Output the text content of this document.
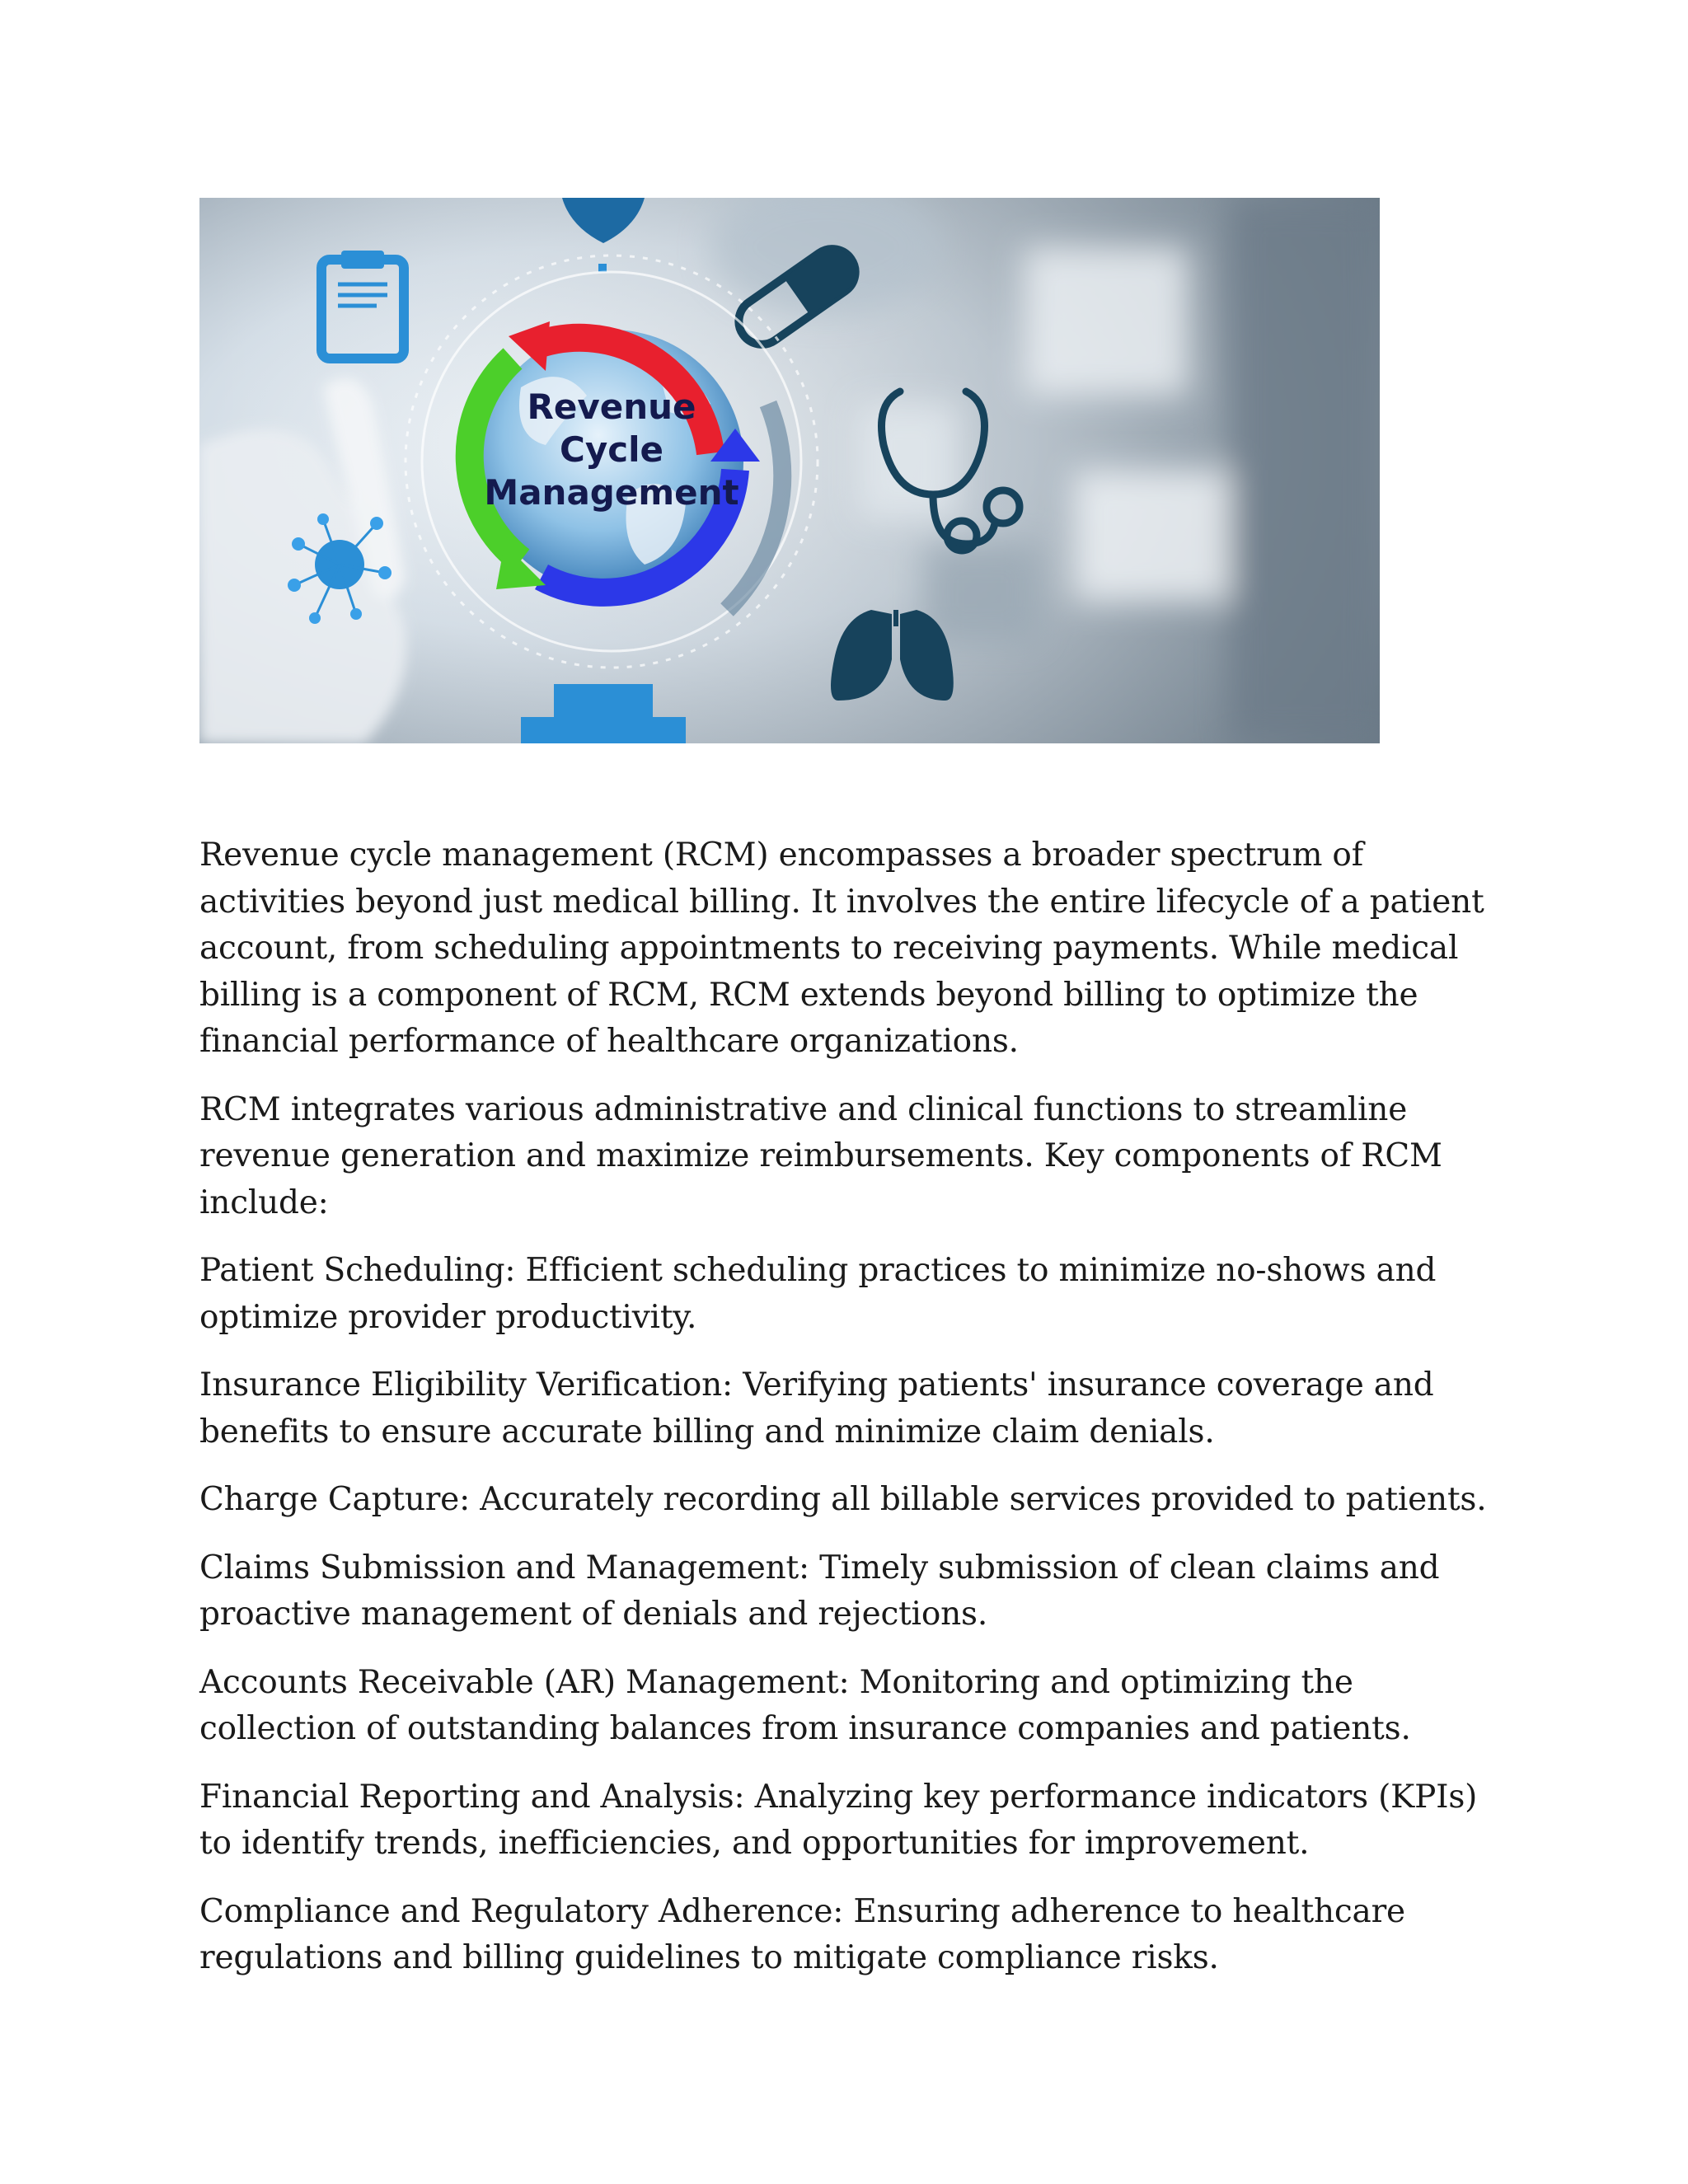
Revenue
Cycle
Management

Revenue cycle management (RCM) encompasses a broader spectrum of activities beyond just medical billing. It involves the entire lifecycle of a patient account, from scheduling appointments to receiving payments. While medical billing is a component of RCM, RCM extends beyond billing to optimize the financial performance of healthcare organizations.

RCM integrates various administrative and clinical functions to streamline revenue generation and maximize reimbursements. Key components of RCM include:

Patient Scheduling: Efficient scheduling practices to minimize no-shows and optimize provider productivity.

Insurance Eligibility Verification: Verifying patients' insurance coverage and benefits to ensure accurate billing and minimize claim denials.

Charge Capture: Accurately recording all billable services provided to patients.

Claims Submission and Management: Timely submission of clean claims and proactive management of denials and rejections.

Accounts Receivable (AR) Management: Monitoring and optimizing the collection of outstanding balances from insurance companies and patients.

Financial Reporting and Analysis: Analyzing key performance indicators (KPIs) to identify trends, inefficiencies, and opportunities for improvement.

Compliance and Regulatory Adherence: Ensuring adherence to healthcare regulations and billing guidelines to mitigate compliance risks.
